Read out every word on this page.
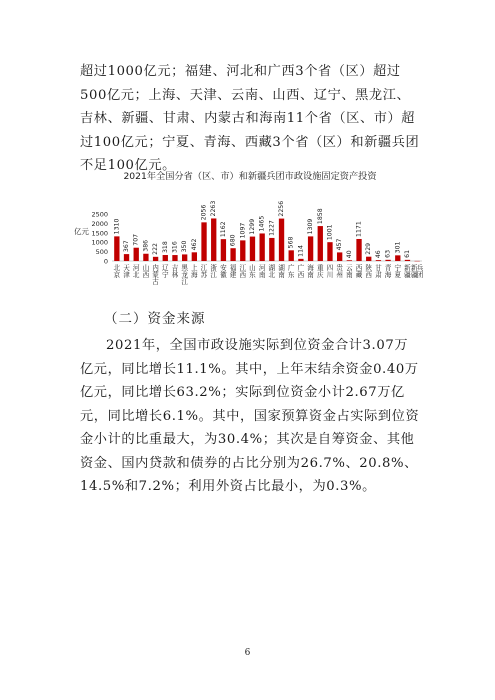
超过1000亿元；福建、河北和广西3个省（区）超过500亿元；上海、天津、云南、山西、辽宁、黑龙江、吉林、新疆、甘肃、内蒙古和海南11个省（区、市）超过100亿元；宁夏、青海、西藏3个省（区）和新疆兵团不足100亿元。

2021年全国分省（区、市）和新疆兵团市政设施固定资产投资

亿元
0
500
1000
1500
2000
2500
1310
北京
367
天津
707
河北
386
山西
222
内蒙古
318
辽宁
316
吉林
350
黑龙江
462
上海
2056
江苏
2263
浙江
1162
安徽
680
福建
1097
江西
1299
山东
1465
河南
1227
湖北
2256
湖南
568
广东
114
广西
1309
海南
1858
重庆
1001
四川
457
贵州
40
云南
1171
西藏
229
陕西
46
甘肃
63
青海
301
宁夏
61
新疆
新疆兵团

（二）资金来源

2021年，全国市政设施实际到位资金合计3.07万亿元，同比增长11.1%。其中，上年末结余资金0.40万亿元，同比增长63.2%；实际到位资金小计2.67万亿元，同比增长6.1%。其中，国家预算资金占实际到位资金小计的比重最大，为30.4%；其次是自筹资金、其他资金、国内贷款和债券的占比分别为26.7%、20.8%、14.5%和7.2%；利用外资占比最小，为0.3%。

6
